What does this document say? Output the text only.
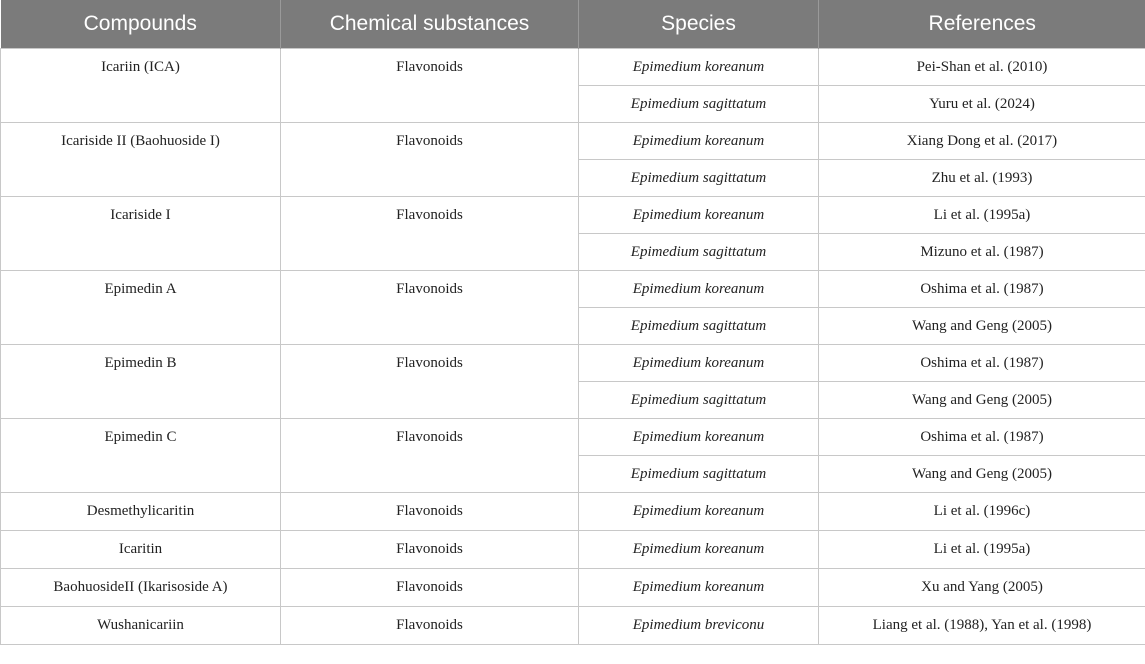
Compounds	Chemical substances	Species	References
Icariin (ICA)	Flavonoids	Epimedium koreanum	Pei-Shan et al. (2010)
		Epimedium sagittatum	Yuru et al. (2024)
Icariside II (Baohuoside I)	Flavonoids	Epimedium koreanum	Xiang Dong et al. (2017)
		Epimedium sagittatum	Zhu et al. (1993)
Icariside I	Flavonoids	Epimedium koreanum	Li et al. (1995a)
		Epimedium sagittatum	Mizuno et al. (1987)
Epimedin A	Flavonoids	Epimedium koreanum	Oshima et al. (1987)
		Epimedium sagittatum	Wang and Geng (2005)
Epimedin B	Flavonoids	Epimedium koreanum	Oshima et al. (1987)
		Epimedium sagittatum	Wang and Geng (2005)
Epimedin C	Flavonoids	Epimedium koreanum	Oshima et al. (1987)
		Epimedium sagittatum	Wang and Geng (2005)
Desmethylicaritin	Flavonoids	Epimedium koreanum	Li et al. (1996c)
Icaritin	Flavonoids	Epimedium koreanum	Li et al. (1995a)
BaohuosideII (Ikarisoside A)	Flavonoids	Epimedium koreanum	Xu and Yang (2005)
Wushanicariin	Flavonoids	Epimedium breviconu	Liang et al. (1988), Yan et al. (1998)
